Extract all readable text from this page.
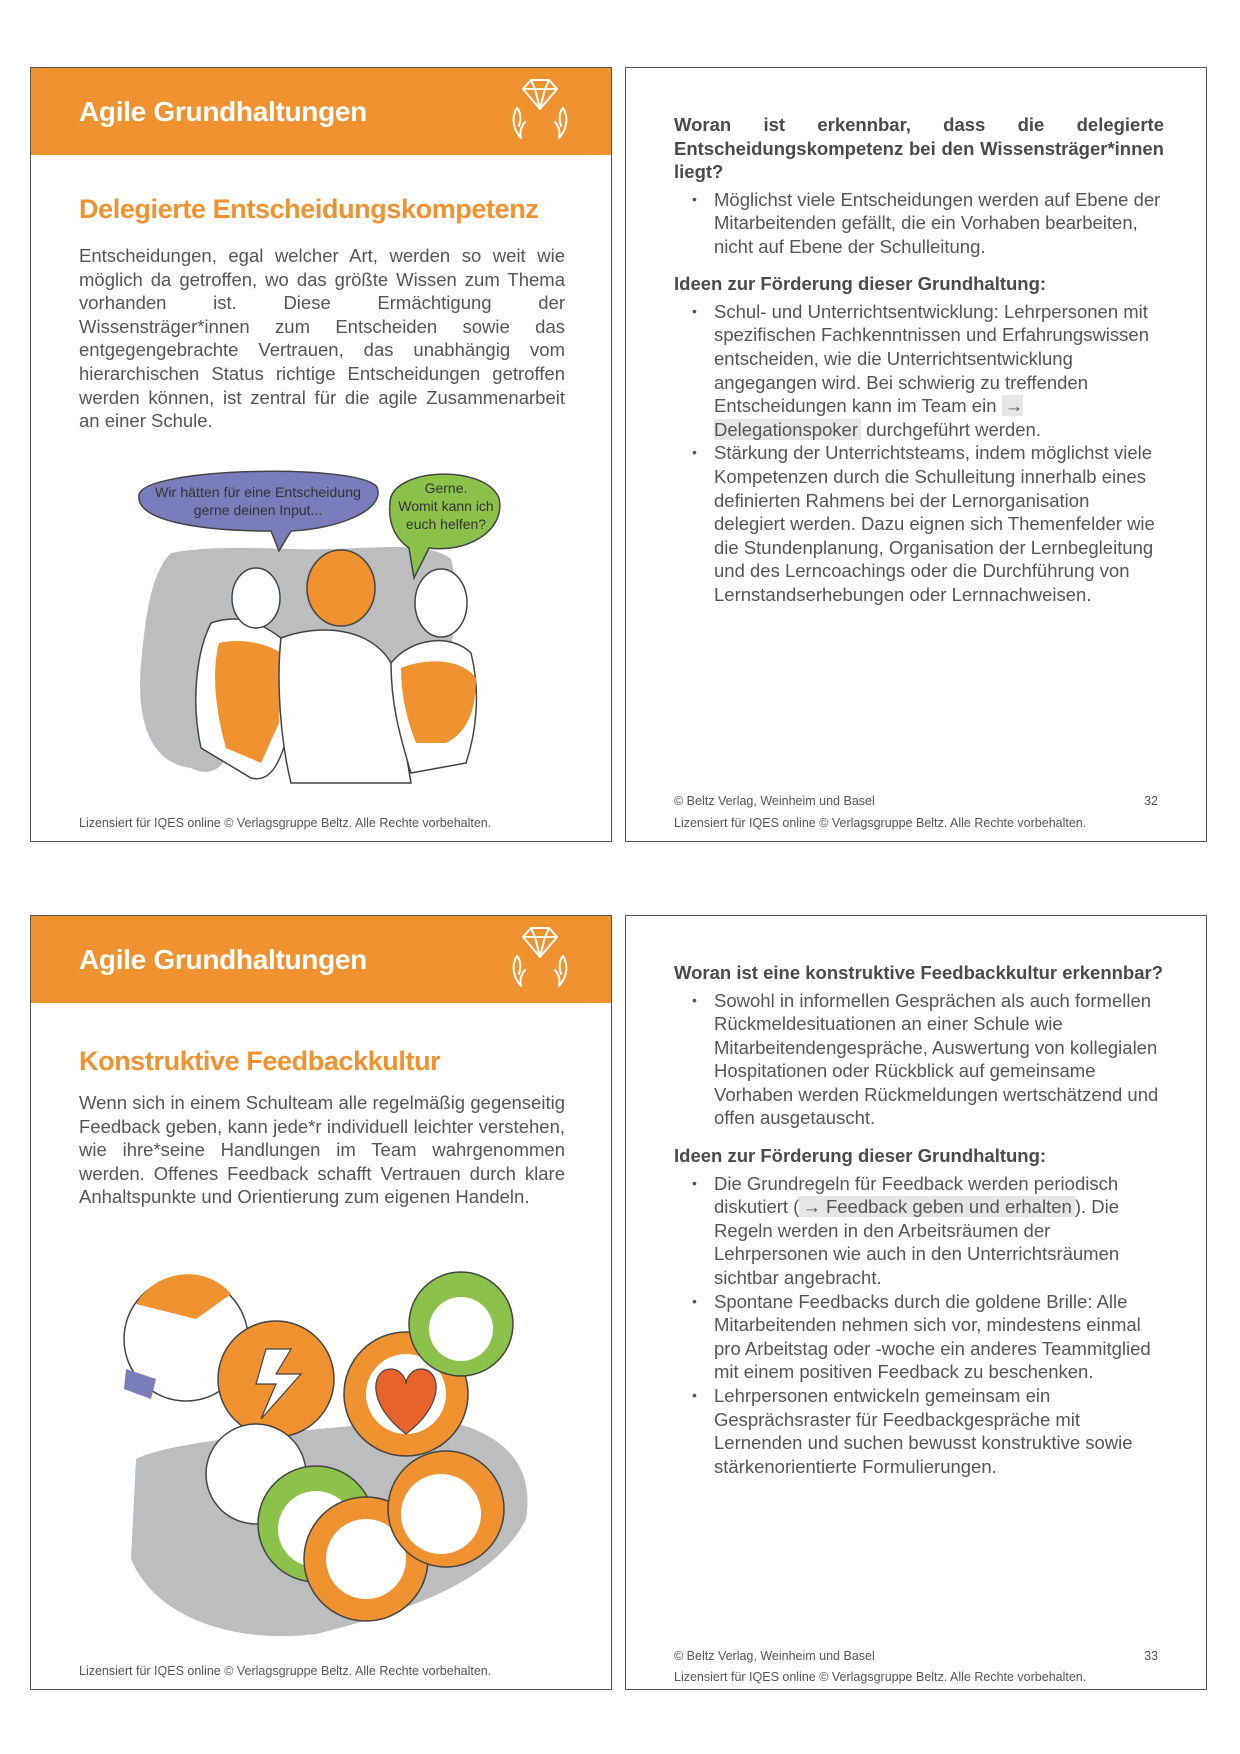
Agile Grundhaltungen
Delegierte Entscheidungskompetenz
Entscheidungen, egal welcher Art, werden so weit wie möglich da getroffen, wo das größte Wissen zum Thema vorhanden ist. Diese Ermächtigung der Wissensträger*innen zum Entscheiden sowie das entgegengebrachte Vertrauen, das unabhängig vom hierarchischen Status richtige Entscheidungen getroffen werden können, ist zentral für die agile Zusammenarbeit an einer Schule.
Wir hätten für eine Entscheidung
gerne deinen Input...
Gerne.
Womit kann ich
euch helfen?
Lizensiert für IQES online © Verlagsgruppe Beltz. Alle Rechte vorbehalten.

Woran ist erkennbar, dass die delegierte Entscheidungskompetenz bei den Wissensträger*innen liegt?

• Möglichst viele Entscheidungen werden auf Ebene der Mitarbeitenden gefällt, die ein Vorhaben bearbeiten, nicht auf Ebene der Schulleitung.

Ideen zur Förderung dieser Grundhaltung:

• Schul- und Unterrichtsentwicklung: Lehrpersonen mit spezifischen Fachkenntnissen und Erfahrungswissen entscheiden, wie die Unterrichtsentwicklung angegangen wird. Bei schwierig zu treffenden Entscheidungen kann im Team ein → Delegationspoker durchgeführt werden.
• Stärkung der Unterrichtsteams, indem möglichst viele Kompetenzen durch die Schulleitung innerhalb eines definierten Rahmens bei der Lernorganisation delegiert werden. Dazu eignen sich Themenfelder wie die Stundenplanung, Organisation der Lernbegleitung und des Lerncoachings oder die Durchführung von Lernstandserhebungen oder Lernnachweisen.
© Beltz Verlag, Weinheim und Basel	32
Lizensiert für IQES online © Verlagsgruppe Beltz. Alle Rechte vorbehalten.
Agile Grundhaltungen
Konstruktive Feedbackkultur
Wenn sich in einem Schulteam alle regelmäßig gegenseitig Feedback geben, kann jede*r individuell leichter verstehen, wie ihre*seine Handlungen im Team wahrgenommen werden. Offenes Feedback schafft Vertrauen durch klare Anhaltspunkte und Orientierung zum eigenen Handeln.
Lizensiert für IQES online © Verlagsgruppe Beltz. Alle Rechte vorbehalten.

Woran ist eine konstruktive Feedbackkultur erkennbar?

• Sowohl in informellen Gesprächen als auch formellen Rückmeldesituationen an einer Schule wie Mitarbeitendengespräche, Auswertung von kollegialen Hospitationen oder Rückblick auf gemeinsame Vorhaben werden Rückmeldungen wertschätzend und offen ausgetauscht.

Ideen zur Förderung dieser Grundhaltung:

• Die Grundregeln für Feedback werden periodisch diskutiert ( → Feedback geben und erhalten ). Die Regeln werden in den Arbeitsräumen der Lehrpersonen wie auch in den Unterrichtsräumen sichtbar angebracht.
• Spontane Feedbacks durch die goldene Brille: Alle Mitarbeitenden nehmen sich vor, mindestens einmal pro Arbeitstag oder -woche ein anderes Teammitglied mit einem positiven Feedback zu beschenken.
• Lehrpersonen entwickeln gemeinsam ein Gesprächsraster für Feedbackgespräche mit Lernenden und suchen bewusst konstruktive sowie stärkenorientierte Formulierungen.
© Beltz Verlag, Weinheim und Basel	33
Lizensiert für IQES online © Verlagsgruppe Beltz. Alle Rechte vorbehalten.
